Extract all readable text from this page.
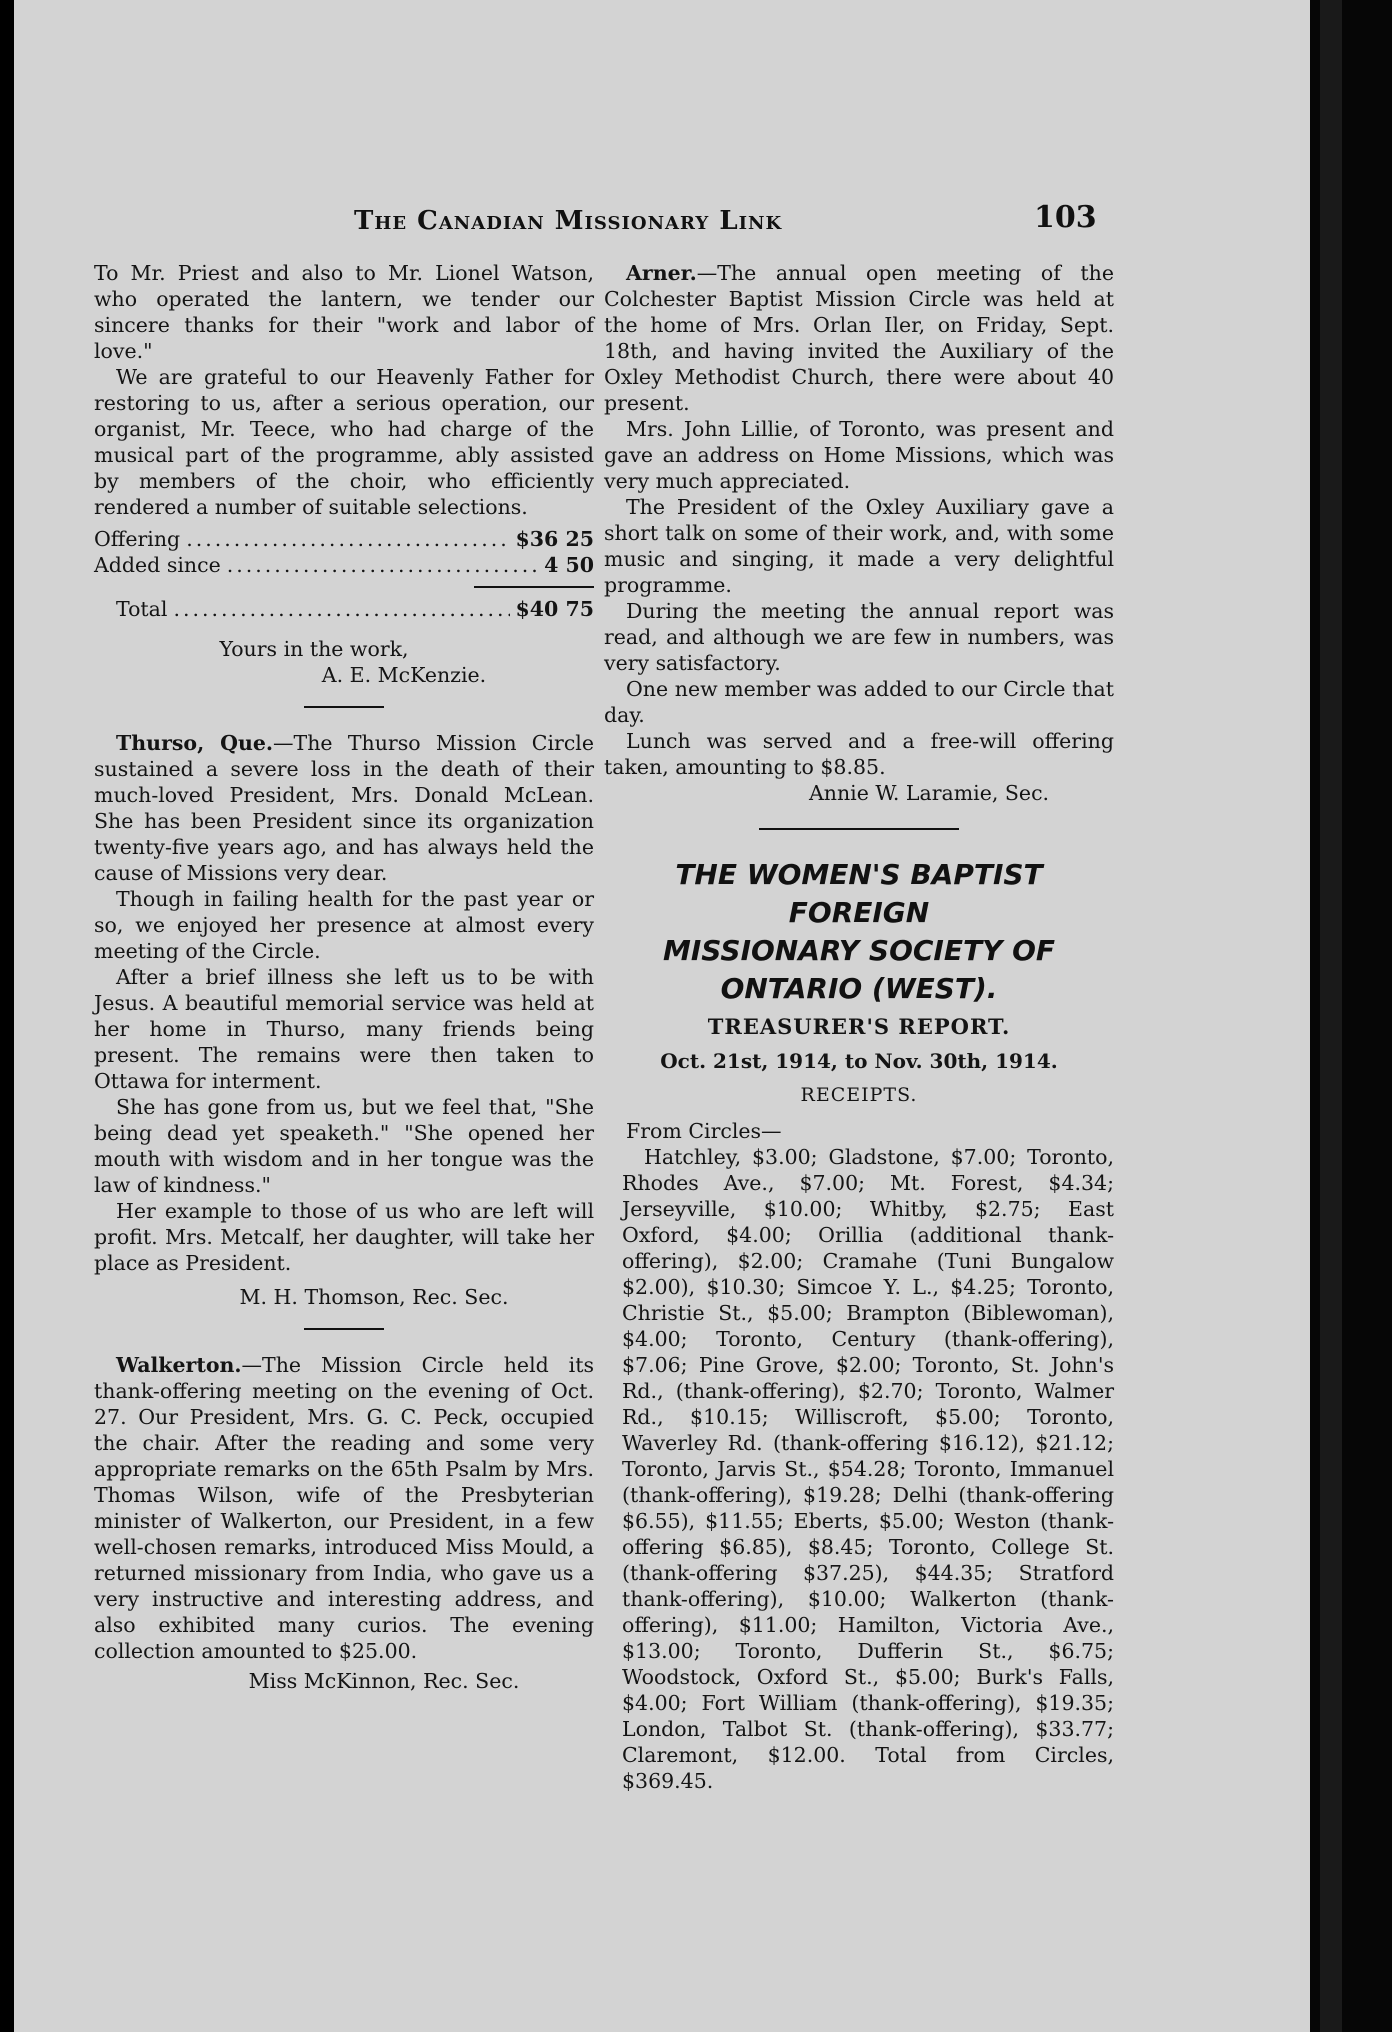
The Canadian Missionary Link	103

To Mr. Priest and also to Mr. Lionel Watson, who operated the lantern, we tender our sincere thanks for their "work and labor of love."

We are grateful to our Heavenly Father for restoring to us, after a serious operation, our organist, Mr. Teece, who had charge of the musical part of the programme, ably assisted by members of the choir, who efficiently rendered a number of suitable selections.

Offering .....	$36 25
Added since .....	4 50
Total .....	$40 75

Yours in the work,

A. E. McKenzie.

Thurso, Que.—The Thurso Mission Circle sustained a severe loss in the death of their much-loved President, Mrs. Donald McLean. She has been President since its organization twenty-five years ago, and has always held the cause of Missions very dear.

Though in failing health for the past year or so, we enjoyed her presence at almost every meeting of the Circle.

After a brief illness she left us to be with Jesus. A beautiful memorial service was held at her home in Thurso, many friends being present. The remains were then taken to Ottawa for interment.

She has gone from us, but we feel that, "She being dead yet speaketh." "She opened her mouth with wisdom and in her tongue was the law of kindness."

Her example to those of us who are left will profit. Mrs. Metcalf, her daughter, will take her place as President.

M. H. Thomson, Rec. Sec.

Walkerton.—The Mission Circle held its thank-offering meeting on the evening of Oct. 27. Our President, Mrs. G. C. Peck, occupied the chair. After the reading and some very appropriate remarks on the 65th Psalm by Mrs. Thomas Wilson, wife of the Presbyterian minister of Walkerton, our President, in a few well-chosen remarks, introduced Miss Mould, a returned missionary from India, who gave us a very instructive and interesting address, and also exhibited many curios. The evening collection amounted to $25.00.

Miss McKinnon, Rec. Sec.

Arner.—The annual open meeting of the Colchester Baptist Mission Circle was held at the home of Mrs. Orlan Iler, on Friday, Sept. 18th, and having invited the Auxiliary of the Oxley Methodist Church, there were about 40 present.

Mrs. John Lillie, of Toronto, was present and gave an address on Home Missions, which was very much appreciated.

The President of the Oxley Auxiliary gave a short talk on some of their work, and, with some music and singing, it made a very delightful programme.

During the meeting the annual report was read, and although we are few in numbers, was very satisfactory.

One new member was added to our Circle that day.

Lunch was served and a free-will offering taken, amounting to $8.85.

Annie W. Laramie, Sec.

THE WOMEN'S BAPTIST FOREIGN
MISSIONARY SOCIETY OF
ONTARIO (WEST).
TREASURER'S REPORT.
Oct. 21st, 1914, to Nov. 30th, 1914.
RECEIPTS.

From Circles—

Hatchley, $3.00; Gladstone, $7.00; Toronto, Rhodes Ave., $7.00; Mt. Forest, $4.34; Jerseyville, $10.00; Whitby, $2.75; East Oxford, $4.00; Orillia (additional thank-offering), $2.00; Cramahe (Tuni Bungalow $2.00), $10.30; Simcoe Y. L., $4.25; Toronto, Christie St., $5.00; Brampton (Biblewoman), $4.00; Toronto, Century (thank-offering), $7.06; Pine Grove, $2.00; Toronto, St. John's Rd., (thank-offering), $2.70; Toronto, Walmer Rd., $10.15; Williscroft, $5.00; Toronto, Waverley Rd. (thank-offering $16.12), $21.12; Toronto, Jarvis St., $54.28; Toronto, Immanuel (thank-offering), $19.28; Delhi (thank-offering $6.55), $11.55; Eberts, $5.00; Weston (thank-offering $6.85), $8.45; Toronto, College St. (thank-offering $37.25), $44.35; Stratford thank-offering), $10.00; Walkerton (thank-offering), $11.00; Hamilton, Victoria Ave., $13.00; Toronto, Dufferin St., $6.75; Woodstock, Oxford St., $5.00; Burk's Falls, $4.00; Fort William (thank-offering), $19.35; London, Talbot St. (thank-offering), $33.77; Claremont, $12.00. Total from Circles, $369.45.
